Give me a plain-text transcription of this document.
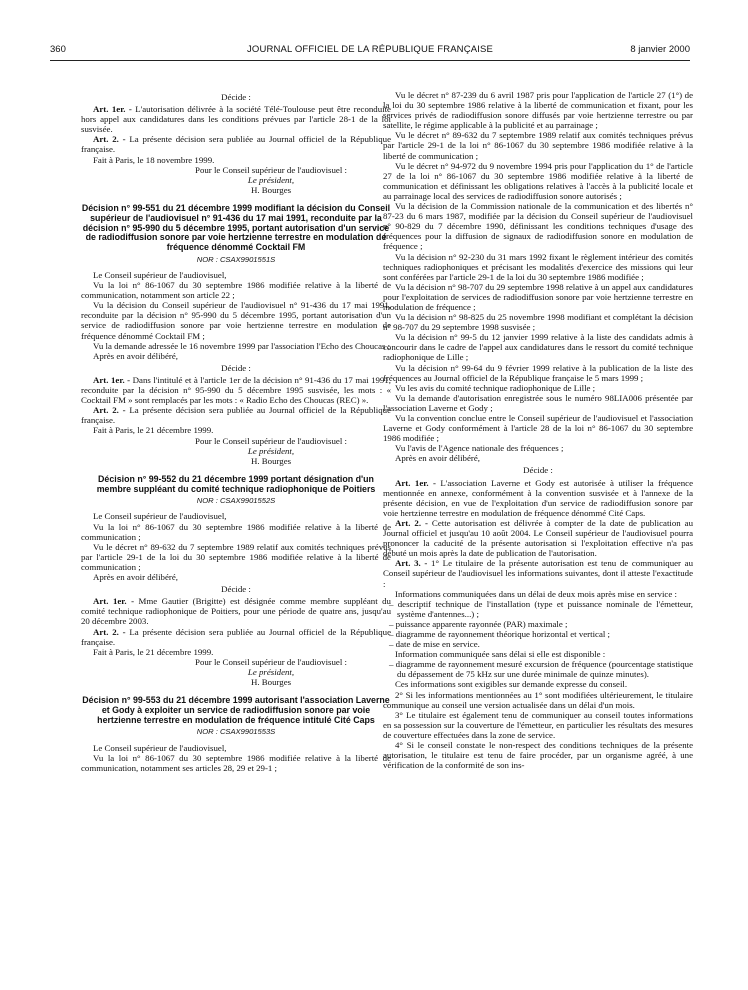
360	JOURNAL OFFICIEL DE LA RÉPUBLIQUE FRANÇAISE	8 janvier 2000

Décide :

Art. 1er. - L'autorisation délivrée à la société Télé-Toulouse peut être reconduite hors appel aux candidatures dans les conditions prévues par l'article 28-1 de la loi susvisée.

Art. 2. - La présente décision sera publiée au Journal officiel de la République française.

Fait à Paris, le 18 novembre 1999.

Pour le Conseil supérieur de l'audiovisuel :

Le président,

H. Bourges

Décision n° 99-551 du 21 décembre 1999 modifiant la décision du Conseil supérieur de l'audiovisuel n° 91-436 du 17 mai 1991, reconduite par la décision n° 95-990 du 5 décembre 1995, portant autorisation d'un service de radiodiffusion sonore par voie hertzienne terrestre en modulation de fréquence dénommé Cocktail FM

NOR : CSAX9901551S

Le Conseil supérieur de l'audiovisuel,

Vu la loi n° 86-1067 du 30 septembre 1986 modifiée relative à la liberté de communication, notamment son article 22 ;

Vu la décision du Conseil supérieur de l'audiovisuel n° 91-436 du 17 mai 1991, reconduite par la décision n° 95-990 du 5 décembre 1995, portant autorisation d'un service de radiodiffusion sonore par voie hertzienne terrestre en modulation de fréquence dénommé Cocktail FM ;

Vu la demande adressée le 16 novembre 1999 par l'association l'Echo des Choucas ;

Après en avoir délibéré,

Décide :

Art. 1er. - Dans l'intitulé et à l'article 1er de la décision n° 91-436 du 17 mai 1991, reconduite par la décision n° 95-990 du 5 décembre 1995 susvisée, les mots : « Cocktail FM » sont remplacés par les mots : « Radio Echo des Choucas (REC) ».

Art. 2. - La présente décision sera publiée au Journal officiel de la République française.

Fait à Paris, le 21 décembre 1999.

Pour le Conseil supérieur de l'audiovisuel :

Le président,

H. Bourges

Décision n° 99-552 du 21 décembre 1999 portant désignation d'un membre suppléant du comité technique radiophonique de Poitiers

NOR : CSAX9901552S

Le Conseil supérieur de l'audiovisuel,

Vu la loi n° 86-1067 du 30 septembre 1986 modifiée relative à la liberté de communication ;

Vu le décret n° 89-632 du 7 septembre 1989 relatif aux comités techniques prévus par l'article 29-1 de la loi du 30 septembre 1986 modifiée relative à la liberté de communication ;

Après en avoir délibéré,

Décide :

Art. 1er. - Mme Gautier (Brigitte) est désignée comme membre suppléant du comité technique radiophonique de Poitiers, pour une période de quatre ans, jusqu'au 20 décembre 2003.

Art. 2. - La présente décision sera publiée au Journal officiel de la République française.

Fait à Paris, le 21 décembre 1999.

Pour le Conseil supérieur de l'audiovisuel :

Le président,

H. Bourges

Décision n° 99-553 du 21 décembre 1999 autorisant l'association Laverne et Gody à exploiter un service de radiodiffusion sonore par voie hertzienne terrestre en modulation de fréquence intitulé Cité Caps

NOR : CSAX9901553S

Le Conseil supérieur de l'audiovisuel,

Vu la loi n° 86-1067 du 30 septembre 1986 modifiée relative à la liberté de communication, notamment ses articles 28, 29 et 29-1 ;

Vu le décret n° 87-239 du 6 avril 1987 pris pour l'application de l'article 27 (1°) de la loi du 30 septembre 1986 relative à la liberté de communication et fixant, pour les services privés de radiodiffusion sonore diffusés par voie hertzienne terrestre ou par satellite, le régime applicable à la publicité et au parrainage ;

Vu le décret n° 89-632 du 7 septembre 1989 relatif aux comités techniques prévus par l'article 29-1 de la loi n° 86-1067 du 30 septembre 1986 modifiée relative à la liberté de communication ;

Vu le décret n° 94-972 du 9 novembre 1994 pris pour l'application du 1° de l'article 27 de la loi n° 86-1067 du 30 septembre 1986 modifiée relative à la liberté de communication et définissant les obligations relatives à l'accès à la publicité locale et au parrainage local des services de radiodiffusion sonore autorisés ;

Vu la décision de la Commission nationale de la communication et des libertés n° 87-23 du 6 mars 1987, modifiée par la décision du Conseil supérieur de l'audiovisuel n° 90-829 du 7 décembre 1990, définissant les conditions techniques d'usage des fréquences pour la diffusion de signaux de radiodiffusion sonore en modulation de fréquence ;

Vu la décision n° 92-230 du 31 mars 1992 fixant le règlement intérieur des comités techniques radiophoniques et précisant les modalités d'exercice des missions qui leur sont conférées par l'article 29-1 de la loi du 30 septembre 1986 modifiée ;

Vu la décision n° 98-707 du 29 septembre 1998 relative à un appel aux candidatures pour l'exploitation de services de radiodiffusion sonore par voie hertzienne terrestre en modulation de fréquence ;

Vu la décision n° 98-825 du 25 novembre 1998 modifiant et complétant la décision n° 98-707 du 29 septembre 1998 susvisée ;

Vu la décision n° 99-5 du 12 janvier 1999 relative à la liste des candidats admis à concourir dans le cadre de l'appel aux candidatures dans le ressort du comité technique radiophonique de Lille ;

Vu la décision n° 99-64 du 9 février 1999 relative à la publication de la liste des fréquences au Journal officiel de la République française le 5 mars 1999 ;

Vu les avis du comité technique radiophonique de Lille ;

Vu la demande d'autorisation enregistrée sous le numéro 98LIA006 présentée par l'association Laverne et Gody ;

Vu la convention conclue entre le Conseil supérieur de l'audiovisuel et l'association Laverne et Gody conformément à l'article 28 de la loi n° 86-1067 du 30 septembre 1986 modifiée ;

Vu l'avis de l'Agence nationale des fréquences ;

Après en avoir délibéré,

Décide :

Art. 1er. - L'association Laverne et Gody est autorisée à utiliser la fréquence mentionnée en annexe, conformément à la convention susvisée et à l'annexe de la présente décision, en vue de l'exploitation d'un service de radiodiffusion sonore par voie hertzienne terrestre en modulation de fréquence dénommé Cité Caps.

Art. 2. - Cette autorisation est délivrée à compter de la date de publication au Journal officiel et jusqu'au 10 août 2004. Le Conseil supérieur de l'audiovisuel pourra prononcer la caducité de la présente autorisation si l'exploitation effective n'a pas débuté un mois après la date de publication de l'autorisation.

Art. 3. - 1° Le titulaire de la présente autorisation est tenu de communiquer au Conseil supérieur de l'audiovisuel les informations suivantes, dont il atteste l'exactitude :

Informations communiquées dans un délai de deux mois après mise en service :

– descriptif technique de l'installation (type et puissance nominale de l'émetteur, système d'antennes...) ;
– puissance apparente rayonnée (PAR) maximale ;
– diagramme de rayonnement théorique horizontal et vertical ;
– date de mise en service.

Information communiquée sans délai si elle est disponible :

– diagramme de rayonnement mesuré excursion de fréquence (pourcentage statistique du dépassement de 75 kHz sur une durée minimale de quinze minutes).

Ces informations sont exigibles sur demande expresse du conseil.

2° Si les informations mentionnées au 1° sont modifiées ultérieurement, le titulaire communique au conseil une version actualisée dans un délai d'un mois.

3° Le titulaire est également tenu de communiquer au conseil toutes informations en sa possession sur la couverture de l'émetteur, en particulier les résultats des mesures de couverture effectuées dans la zone de service.

4° Si le conseil constate le non-respect des conditions techniques de la présente autorisation, le titulaire est tenu de faire procéder, par un organisme agréé, à une vérification de la conformité de son ins-
